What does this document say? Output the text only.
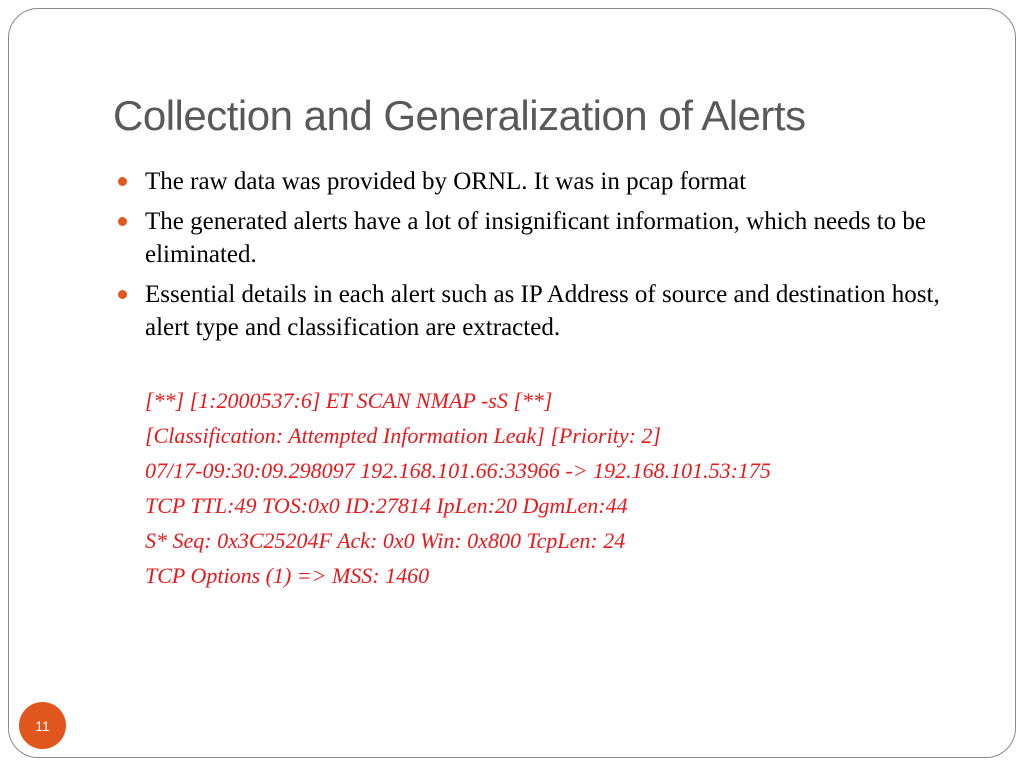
Collection and Generalization of Alerts
The raw data was provided by ORNL. It was in pcap format
The generated alerts have a lot of insignificant information, which needs to be eliminated.
Essential details in each alert such as IP Address of source and destination host, alert type and classification are extracted.
[**] [1:2000537:6] ET SCAN NMAP -sS [**]
[Classification: Attempted Information Leak] [Priority: 2]
07/17-09:30:09.298097 192.168.101.66:33966 -> 192.168.101.53:175
TCP TTL:49 TOS:0x0 ID:27814 IpLen:20 DgmLen:44
S* Seq: 0x3C25204F Ack: 0x0 Win: 0x800 TcpLen: 24
TCP Options (1) => MSS: 1460
11
